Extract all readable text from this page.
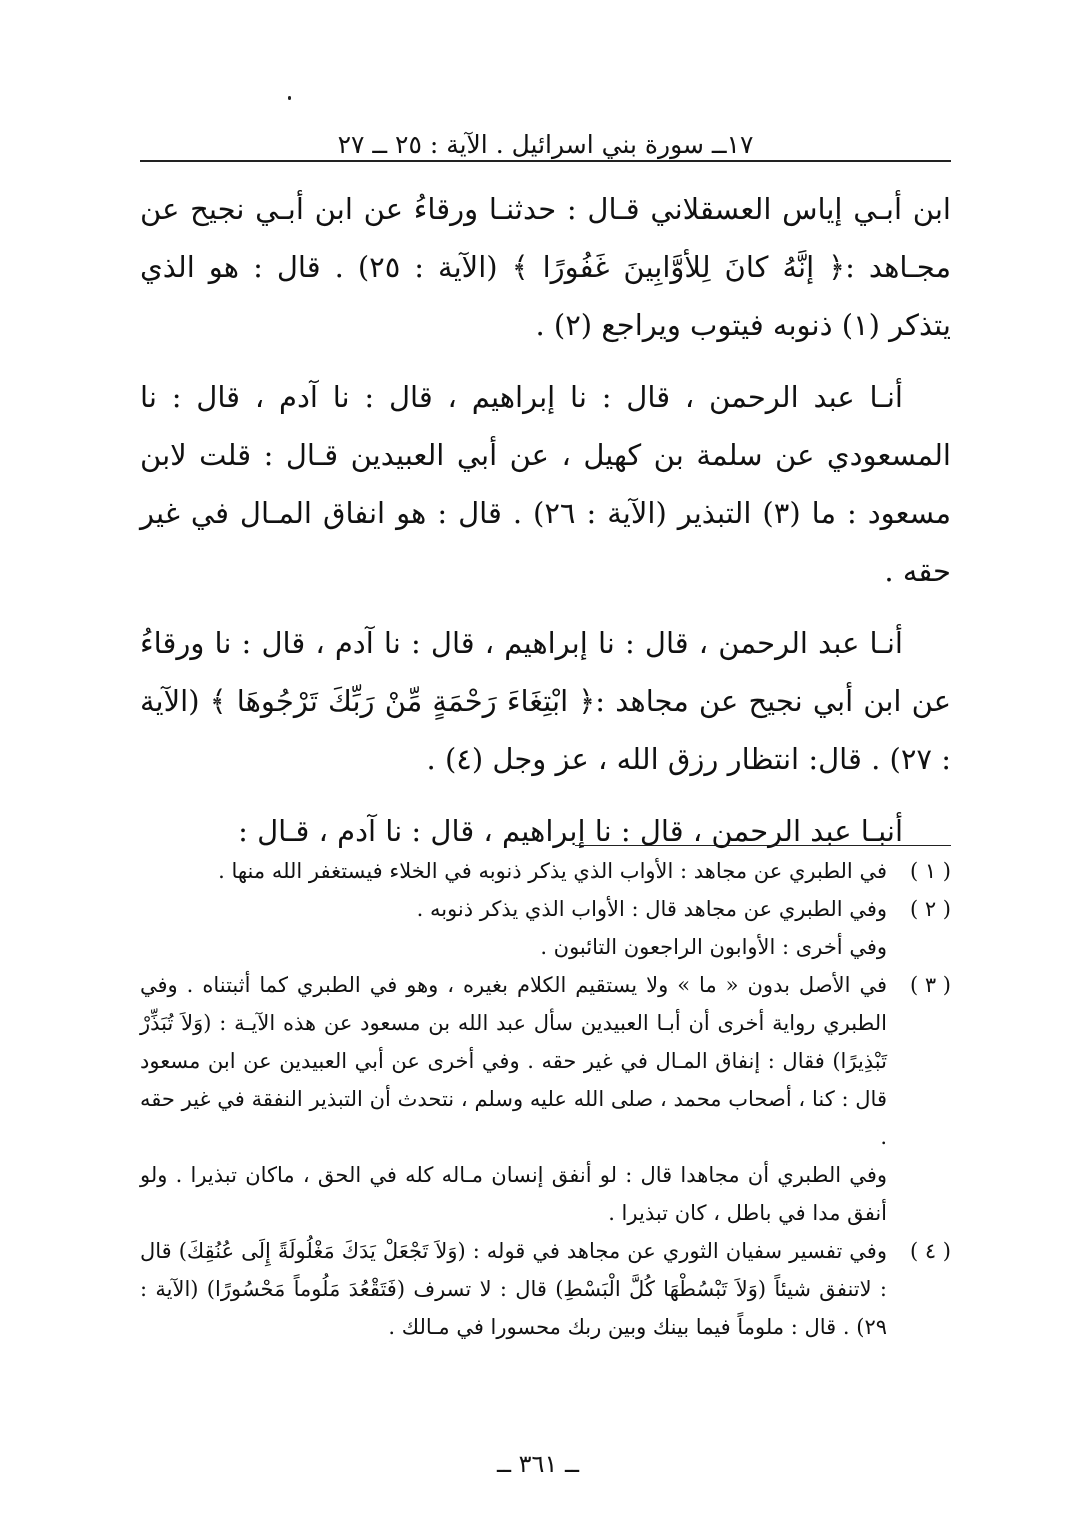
١٧ــ سورة بني اسرائيل . الآية : ٢٥ ــ ٢٧

ابن أبـي إياس العسقلاني قـال : حدثنـا ورقاءُ عن ابن أبـي نجيح عن مجـاهد :﴿ إنَّهُ كانَ لِلأوَّابِينَ غَفُورًا ﴾ (الآية : ٢٥) . قال : هو الذي يتذكر (١) ذنوبه فيتوب ويراجع (٢) .

أنـا عبد الرحمن ، قال : نا إبراهيم ، قال : نا آدم ، قال : نا المسعودي عن سلمة بن كهيل ، عن أبي العبيدين قـال : قلت لابن مسعود : ما (٣) التبذير (الآية : ٢٦) . قال : هو انفاق المـال في غير حقه .

أنـا عبد الرحمن ، قال : نا إبراهيم ، قال : نا آدم ، قال : نا ورقاءُ عن ابن أبي نجيح عن مجاهد :﴿ ابْتِغَاءَ رَحْمَةٍ مِّنْ رَبِّكَ تَرْجُوهَا ﴾ (الآية : ٢٧) . قال: انتظار رزق الله ، عز وجل (٤) .

أنبـا عبد الرحمن ، قال : نا إبراهيم ، قال : نا آدم ، قـال :

( ١ )
في الطبري عن مجاهد : الأواب الذي يذكر ذنوبه في الخلاء فيستغفر الله منها .
( ٢ )
وفي الطبري عن مجاهد قال : الأواب الذي يذكر ذنوبه .
وفي أخرى : الأوابون الراجعون التائبون .
( ٣ )
في الأصل بدون « ما » ولا يستقيم الكلام بغيره ، وهو في الطبري كما أثبتناه . وفي الطبري رواية أخرى أن أبـا العبيدين سأل عبد الله بن مسعود عن هذه الآيـة : (وَلاَ تُبَذِّرْ تَبْذِيرًا) فقال : إنفاق المـال في غير حقه . وفي أخرى عن أبي العبيدين عن ابن مسعود قال : كنا ، أصحاب محمد ، صلى الله عليه وسلم ، نتحدث أن التبذير النفقة في غير حقه .
وفي الطبري أن مجاهدا قال : لو أنفق إنسان مـاله كله في الحق ، ماكان تبذيرا . ولو أنفق مدا في باطل ، كان تبذيرا .
( ٤ )
وفي تفسير سفيان الثوري عن مجاهد في قوله : (وَلاَ تَجْعَلْ يَدَكَ مَغْلُولَةً إِلَى عُنُقِكَ) قال : لاتنفق شيئاً (وَلاَ تَبْسُطْهَا كُلَّ الْبَسْطِ) قال : لا تسرف (فَتَقْعُدَ مَلُوماً مَحْسُورًا) (الآية : ٢٩) . قال : ملوماً فيما بينك وبين ربك محسورا في مـالك .
ــ ٣٦١ ــ
